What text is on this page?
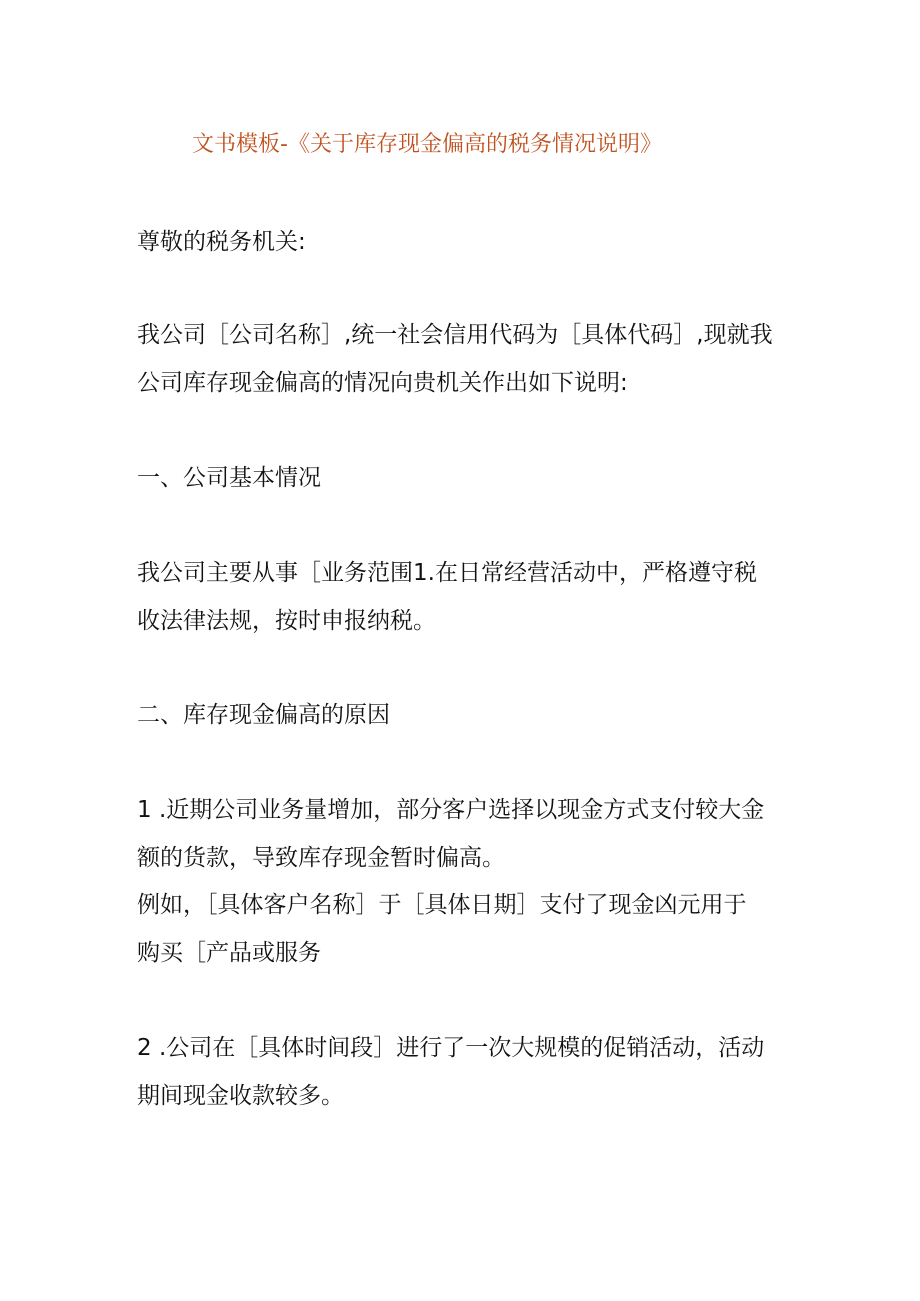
文书模板-《关于库存现金偏高的税务情况说明》
尊敬的税务机关:
我公司［公司名称］,统一社会信用代码为［具体代码］,现就我
公司库存现金偏高的情况向贵机关作出如下说明:
一、公司基本情况
我公司主要从事［业务范围1.在日常经营活动中，严格遵守税
收法律法规，按时申报纳税。
二、库存现金偏高的原因
1 .近期公司业务量增加，部分客户选择以现金方式支付较大金
额的货款，导致库存现金暂时偏高。
例如，［具体客户名称］于［具体日期］支付了现金凶元用于
购买［产品或服务
2 .公司在［具体时间段］进行了一次大规模的促销活动，活动
期间现金收款较多。
